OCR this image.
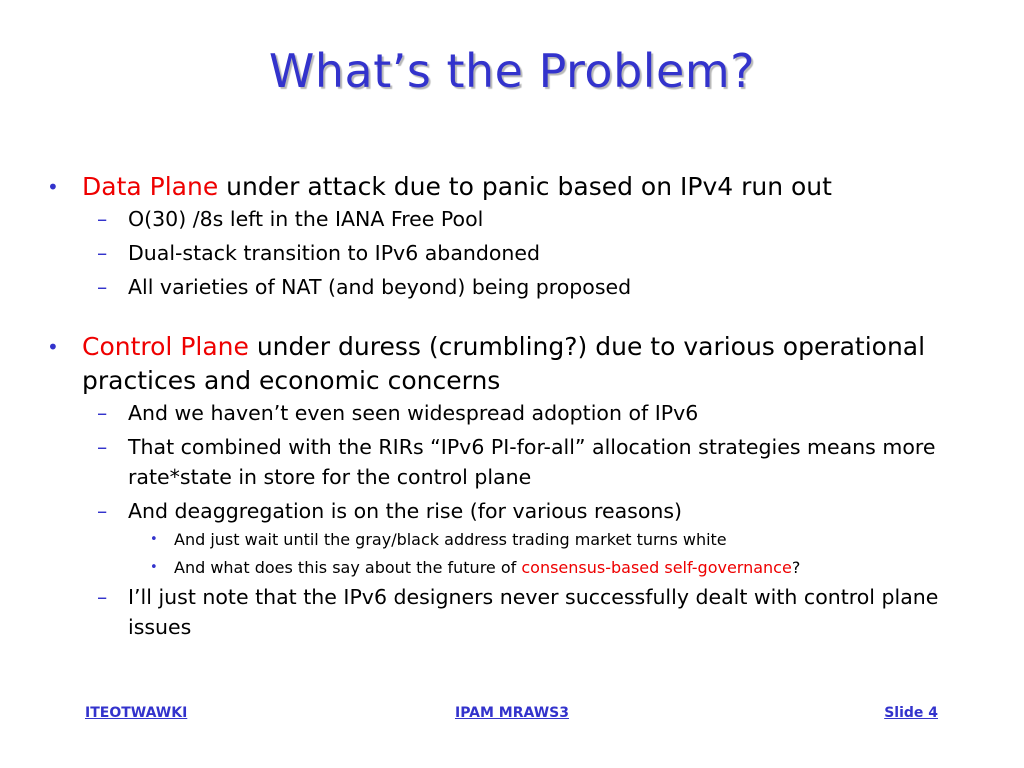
What’s the Problem?
• Data Plane under attack due to panic based on IPv4 run out
– O(30) /8s left in the IANA Free Pool
– Dual-stack transition to IPv6 abandoned
– All varieties of NAT (and beyond) being proposed
• Control Plane under duress (crumbling?) due to various operational practices and economic concerns
– And we haven’t even seen widespread adoption of IPv6
– That combined with the RIRs “IPv6 PI-for-all” allocation strategies means more rate*state in store for the control plane
– And deaggregation is on the rise (for various reasons)
• And just wait until the gray/black address trading market turns white
• And what does this say about the future of consensus-based self-governance?
– I’ll just note that the IPv6 designers never successfully dealt with control plane issues
ITEOTWAWKI	IPAM MRAWS3	Slide 4
